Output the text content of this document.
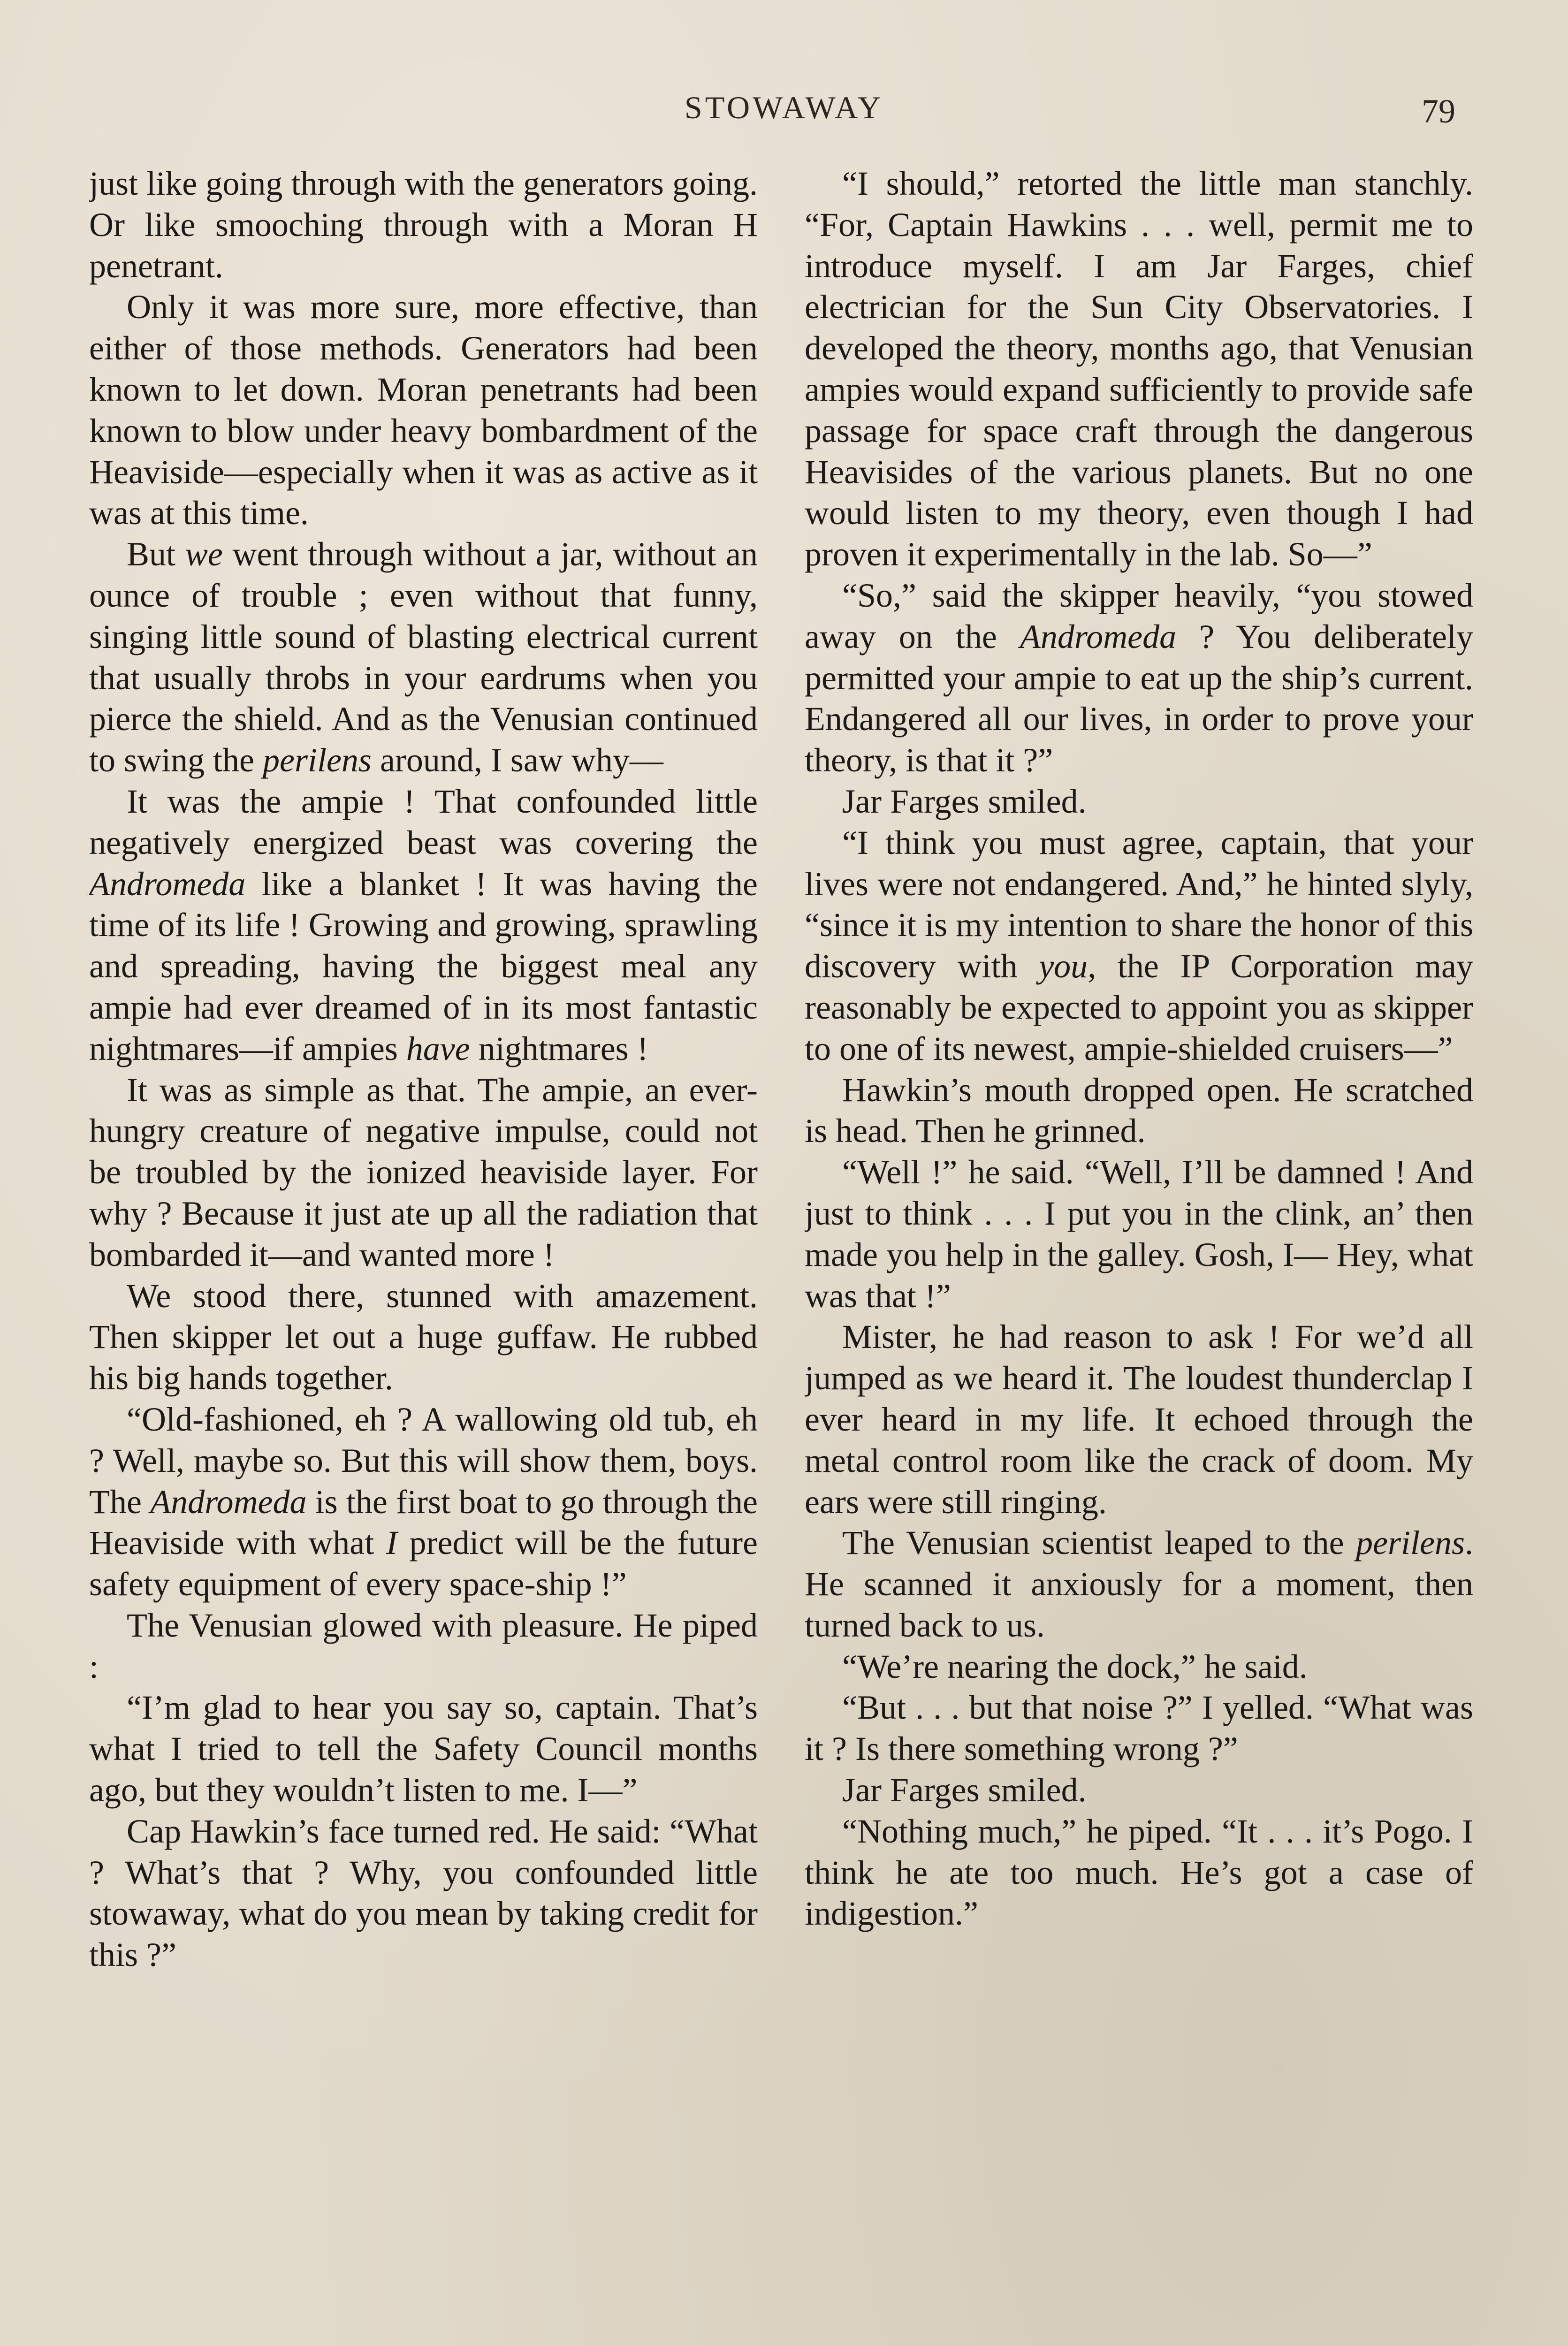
STOWAWAY	79

just like going through with the generators going. Or like smooching through with a Moran H penetrant.

Only it was more sure, more effective, than either of those methods. Generators had been known to let down. Moran penetrants had been known to blow under heavy bombardment of the Heaviside—especially when it was as active as it was at this time.

But we went through without a jar, without an ounce of trouble ; even without that funny, singing little sound of blasting electrical current that usually throbs in your eardrums when you pierce the shield. And as the Venusian continued to swing the perilens around, I saw why—

It was the ampie ! That confounded little negatively energized beast was covering the Andromeda like a blanket ! It was having the time of its life ! Growing and growing, sprawling and spreading, having the biggest meal any ampie had ever dreamed of in its most fantastic nightmares—if ampies have nightmares !

It was as simple as that. The ampie, an ever-hungry creature of negative impulse, could not be troubled by the ionized heaviside layer. For why ? Because it just ate up all the radiation that bombarded it—and wanted more !

We stood there, stunned with amazement. Then skipper let out a huge guffaw. He rubbed his big hands together.

“Old-fashioned, eh ? A wallowing old tub, eh ? Well, maybe so. But this will show them, boys. The Andromeda is the first boat to go through the Heaviside with what I predict will be the future safety equipment of every space-ship !”

The Venusian glowed with pleasure. He piped :

“I’m glad to hear you say so, captain. That’s what I tried to tell the Safety Council months ago, but they wouldn’t listen to me. I—”

Cap Hawkin’s face turned red. He said: “What ? What’s that ? Why, you confounded little stowaway, what do you mean by taking credit for this ?”

“I should,” retorted the little man stanchly. “For, Captain Hawkins . . . well, permit me to introduce myself. I am Jar Farges, chief electrician for the Sun City Observatories. I developed the theory, months ago, that Venusian ampies would expand sufficiently to provide safe passage for space craft through the dangerous Heavisides of the various planets. But no one would listen to my theory, even though I had proven it experimentally in the lab. So—”

“So,” said the skipper heavily, “you stowed away on the Andromeda ? You deliberately permitted your ampie to eat up the ship’s current. Endangered all our lives, in order to prove your theory, is that it ?”

Jar Farges smiled.

“I think you must agree, captain, that your lives were not endangered. And,” he hinted slyly, “since it is my intention to share the honor of this discovery with you, the IP Corporation may reasonably be expected to appoint you as skipper to one of its newest, ampie-shielded cruisers—”

Hawkin’s mouth dropped open. He scratched is head. Then he grinned.

“Well !” he said. “Well, I’ll be damned ! And just to think . . . I put you in the clink, an’ then made you help in the galley. Gosh, I— Hey, what was that !”

Mister, he had reason to ask ! For we’d all jumped as we heard it. The loudest thunderclap I ever heard in my life. It echoed through the metal control room like the crack of doom. My ears were still ringing.

The Venusian scientist leaped to the perilens. He scanned it anxiously for a moment, then turned back to us.

“We’re nearing the dock,” he said.

“But . . . but that noise ?” I yelled. “What was it ? Is there something wrong ?”

Jar Farges smiled.

“Nothing much,” he piped. “It . . . it’s Pogo. I think he ate too much. He’s got a case of indigestion.”
